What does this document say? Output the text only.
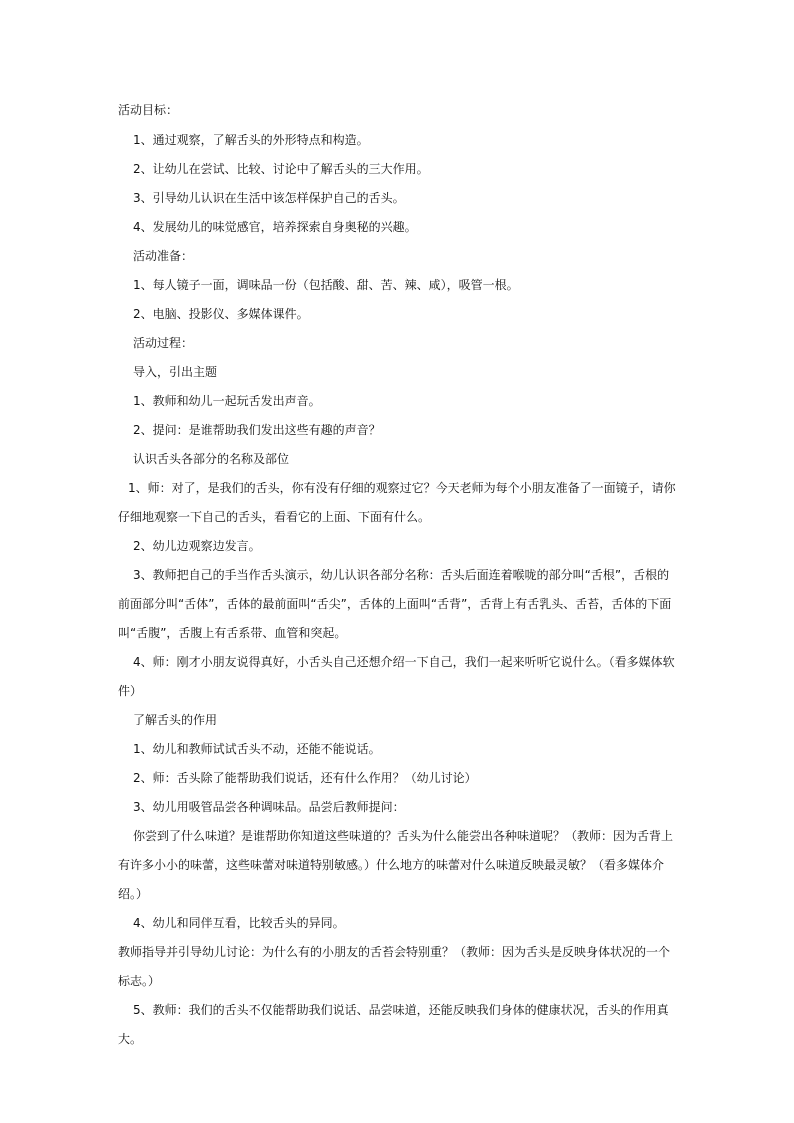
活动目标：
1、通过观察，了解舌头的外形特点和构造。
2、让幼儿在尝试、比较、讨论中了解舌头的三大作用。
3、引导幼儿认识在生活中该怎样保护自己的舌头。
4、发展幼儿的味觉感官，培养探索自身奥秘的兴趣。
活动准备：
1、每人镜子一面，调味品一份（包括酸、甜、苦、辣、咸），吸管一根。
2、电脑、投影仪、多媒体课件。
活动过程：
导入，引出主题
1、教师和幼儿一起玩舌发出声音。
2、提问：是谁帮助我们发出这些有趣的声音？
认识舌头各部分的名称及部位
1、师：对了，是我们的舌头，你有没有仔细的观察过它？今天老师为每个小朋友准备了一面镜子，请你仔细地观察一下自己的舌头，看看它的上面、下面有什么。
2、幼儿边观察边发言。
3、教师把自己的手当作舌头演示，幼儿认识各部分名称：舌头后面连着喉咙的部分叫“舌根”，舌根的前面部分叫“舌体”，舌体的最前面叫“舌尖”，舌体的上面叫“舌背”，舌背上有舌乳头、舌苔，舌体的下面叫“舌腹”，舌腹上有舌系带、血管和突起。
4、师：刚才小朋友说得真好，小舌头自己还想介绍一下自己，我们一起来听听它说什么。（看多媒体软件）
了解舌头的作用
1、幼儿和教师试试舌头不动，还能不能说话。
2、师：舌头除了能帮助我们说话，还有什么作用？（幼儿讨论）
3、幼儿用吸管品尝各种调味品。品尝后教师提问：
你尝到了什么味道？是谁帮助你知道这些味道的？舌头为什么能尝出各种味道呢？（教师：因为舌背上有许多小小的味蕾，这些味蕾对味道特别敏感。）什么地方的味蕾对什么味道反映最灵敏？（看多媒体介绍。）
4、幼儿和同伴互看，比较舌头的异同。
教师指导并引导幼儿讨论：为什么有的小朋友的舌苔会特别重？（教师：因为舌头是反映身体状况的一个标志。）
5、教师：我们的舌头不仅能帮助我们说话、品尝味道，还能反映我们身体的健康状况，舌头的作用真大。
